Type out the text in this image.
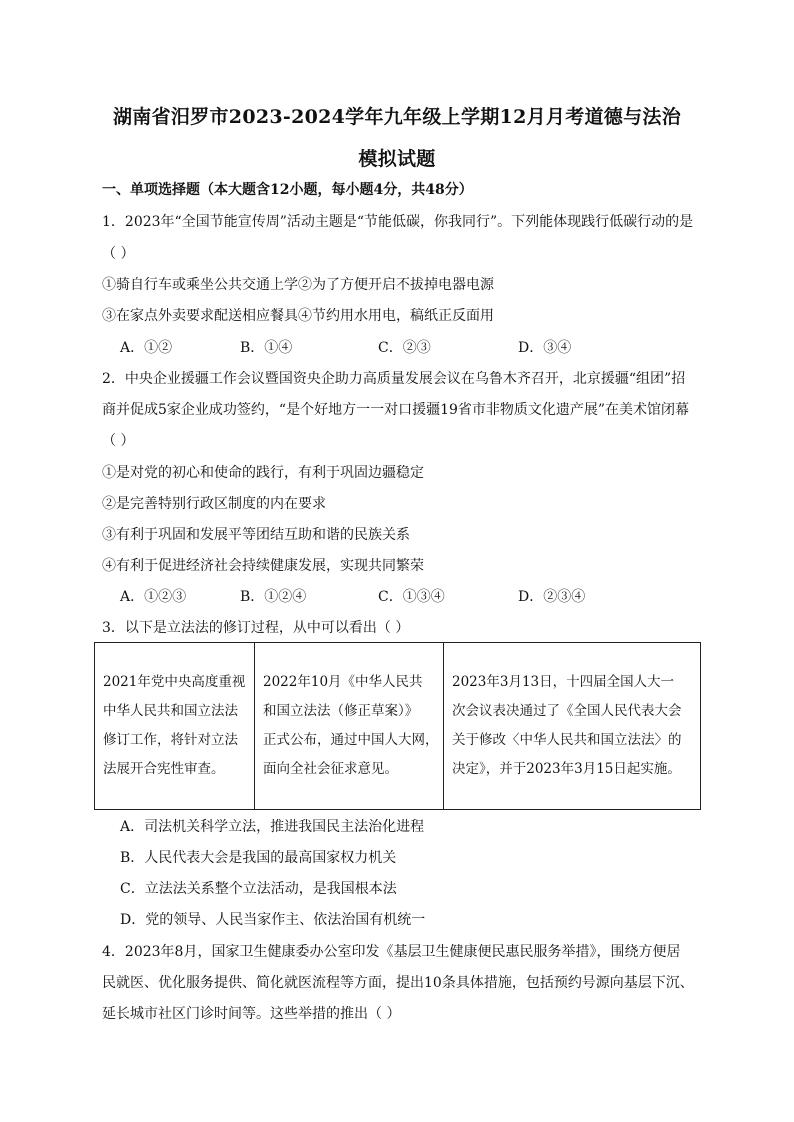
湖南省汨罗市2023-2024学年九年级上学期12月月考道德与法治
模拟试题
一、单项选择题（本大题含12小题，每小题4分，共48分）
1．2023年“全国节能宣传周”活动主题是“节能低碳，你我同行”。下列能体现践行低碳行动的是
（ ）
①骑自行车或乘坐公共交通上学②为了方便开启不拔掉电器电源
③在家点外卖要求配送相应餐具④节约用水用电，稿纸正反面用
A．①②	B．①④	C．②③	D．③④
2．中央企业援疆工作会议暨国资央企助力高质量发展会议在乌鲁木齐召开，北京援疆“组团”招
商并促成5家企业成功签约，“是个好地方一一对口援疆19省市非物质文化遗产展”在美术馆闭幕
（ ）
①是对党的初心和使命的践行，有利于巩固边疆稳定
②是完善特别行政区制度的内在要求
③有利于巩固和发展平等团结互助和谐的民族关系
④有利于促进经济社会持续健康发展，实现共同繁荣
A．①②③	B．①②④	C．①③④	D．②③④
3．以下是立法法的修订过程，从中可以看出（ ）
2021年党中央高度重视
中华人民共和国立法法
修订工作，将针对立法
法展开合宪性审查。

2022年10月《中华人民共
和国立法法（修正草案）》
正式公布，通过中国人大网，
面向全社会征求意见。

2023年3月13日，十四届全国人大一
次会议表决通过了《全国人民代表大会
关于修改〈中华人民共和国立法法〉的
决定》，并于2023年3月15日起实施。
A．司法机关科学立法，推进我国民主法治化进程
B．人民代表大会是我国的最高国家权力机关
C．立法法关系整个立法活动，是我国根本法
D．党的领导、人民当家作主、依法治国有机统一
4．2023年8月，国家卫生健康委办公室印发《基层卫生健康便民惠民服务举措》，围绕方便居
民就医、优化服务提供、简化就医流程等方面，提出10条具体措施，包括预约号源向基层下沉、
延长城市社区门诊时间等。这些举措的推出（ ）
